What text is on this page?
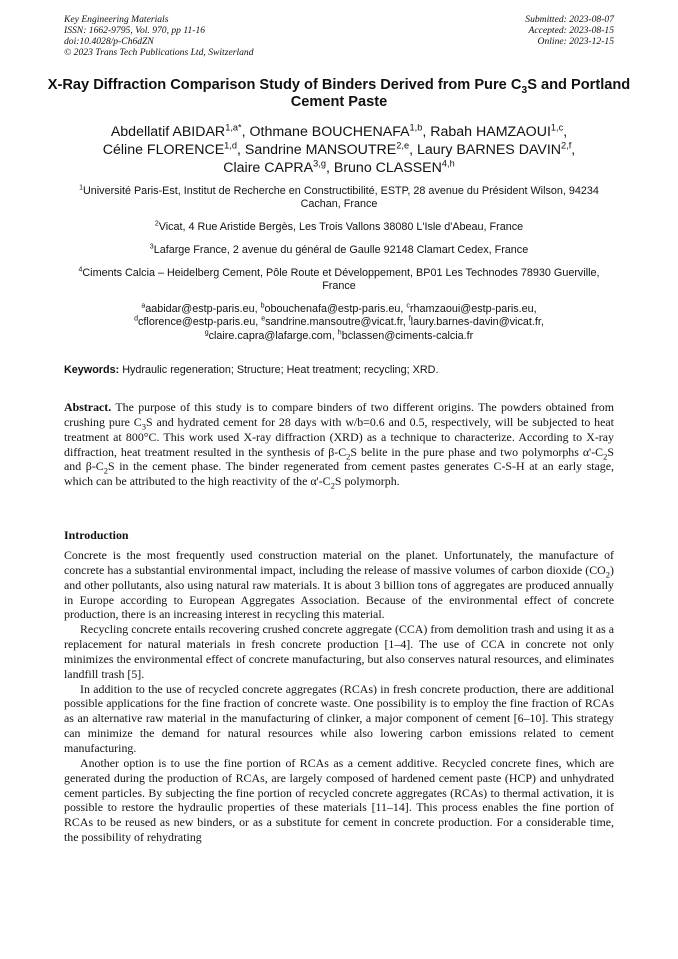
Key Engineering Materials
ISSN: 1662-9795, Vol. 970, pp 11-16
doi:10.4028/p-Ch6dZN
© 2023 Trans Tech Publications Ltd, Switzerland
Submitted: 2023-08-07
Accepted: 2023-08-15
Online: 2023-12-15
X-Ray Diffraction Comparison Study of Binders Derived from Pure $C_3S$ and Portland Cement Paste
Abdellatif $ABIDAR^{1,a*}$, Othmane BOUCHENAFA$^{1,b}$, Rabah HAMZAOUI$^{1,c}$,
Céline FLORENCE$^{1,d}$, Sandrine MANSOUTRE$^{2,e}$, Laury BARNES DAVIN$^{2,f}$,
Claire CAPRA$^{3,g}$, Bruno CLASSEN$^{4,h}$

$^1$Université Paris-Est, Institut de Recherche en Constructibilité, ESTP, 28 avenue du Président Wilson, 94234 Cachan, France

$^2$Vicat, 4 Rue Aristide Bergès, Les Trois Vallons 38080 L'Isle d'Abeau, France

$^3$Lafarge France, 2 avenue du général de Gaulle 92148 Clamart Cedex, France

$^4$Ciments Calcia – Heidelberg Cement, Pôle Route et Développement, BP01 Les Technodes 78930 Guerville, France

$^a$aabidar@estp-paris.eu, $^b$obouchenafa@estp-paris.eu, $^c$rhamzaoui@estp-paris.eu,
$^d$cflorence@estp-paris.eu, $^e$sandrine.mansoutre@vicat.fr, $^f$laury.barnes-davin@vicat.fr,
$^g$claire.capra@lafarge.com, $^h$bclassen@ciments-calcia.fr
Keywords: Hydraulic regeneration; Structure; Heat treatment; recycling; XRD.

Abstract. The purpose of this study is to compare binders of two different origins. The powders obtained from crushing pure $C_3S$ and hydrated cement for 28 days with w/b=0.6 and 0.5, respectively, will be subjected to heat treatment at 800°C. This work used X-ray diffraction (XRD) as a technique to characterize. According to X-ray diffraction, heat treatment resulted in the synthesis of $\beta-C_2S$ belite in the pure phase and two polymorphs $\alpha'-C_2S$ and $\beta-C_2S$ in the cement phase. The binder regenerated from cement pastes generates C-S-H at an early stage, which can be attributed to the high reactivity of the $\alpha'-C_2S$ polymorph.

Introduction

Concrete is the most frequently used construction material on the planet. Unfortunately, the manufacture of concrete has a substantial environmental impact, including the release of massive volumes of carbon dioxide $(CO_2)$ and other pollutants, also using natural raw materials. It is about 3 billion tons of aggregates are produced annually in Europe according to European Aggregates Association. Because of the environmental effect of concrete production, there is an increasing interest in recycling this material.

Recycling concrete entails recovering crushed concrete aggregate (CCA) from demolition trash and using it as a replacement for natural materials in fresh concrete production [1–4]. The use of CCA in concrete not only minimizes the environmental effect of concrete manufacturing, but also conserves natural resources, and eliminates landfill trash [5].

In addition to the use of recycled concrete aggregates (RCAs) in fresh concrete production, there are additional possible applications for the fine fraction of concrete waste. One possibility is to employ the fine fraction of RCAs as an alternative raw material in the manufacturing of clinker, a major component of cement [6–10]. This strategy can minimize the demand for natural resources while also lowering carbon emissions related to cement manufacturing.

Another option is to use the fine portion of RCAs as a cement additive. Recycled concrete fines, which are generated during the production of RCAs, are largely composed of hardened cement paste (HCP) and unhydrated cement particles. By subjecting the fine portion of recycled concrete aggregates (RCAs) to thermal activation, it is possible to restore the hydraulic properties of these materials [11–14]. This process enables the fine portion of RCAs to be reused as new binders, or as a substitute for cement in concrete production. For a considerable time, the possibility of rehydrating
